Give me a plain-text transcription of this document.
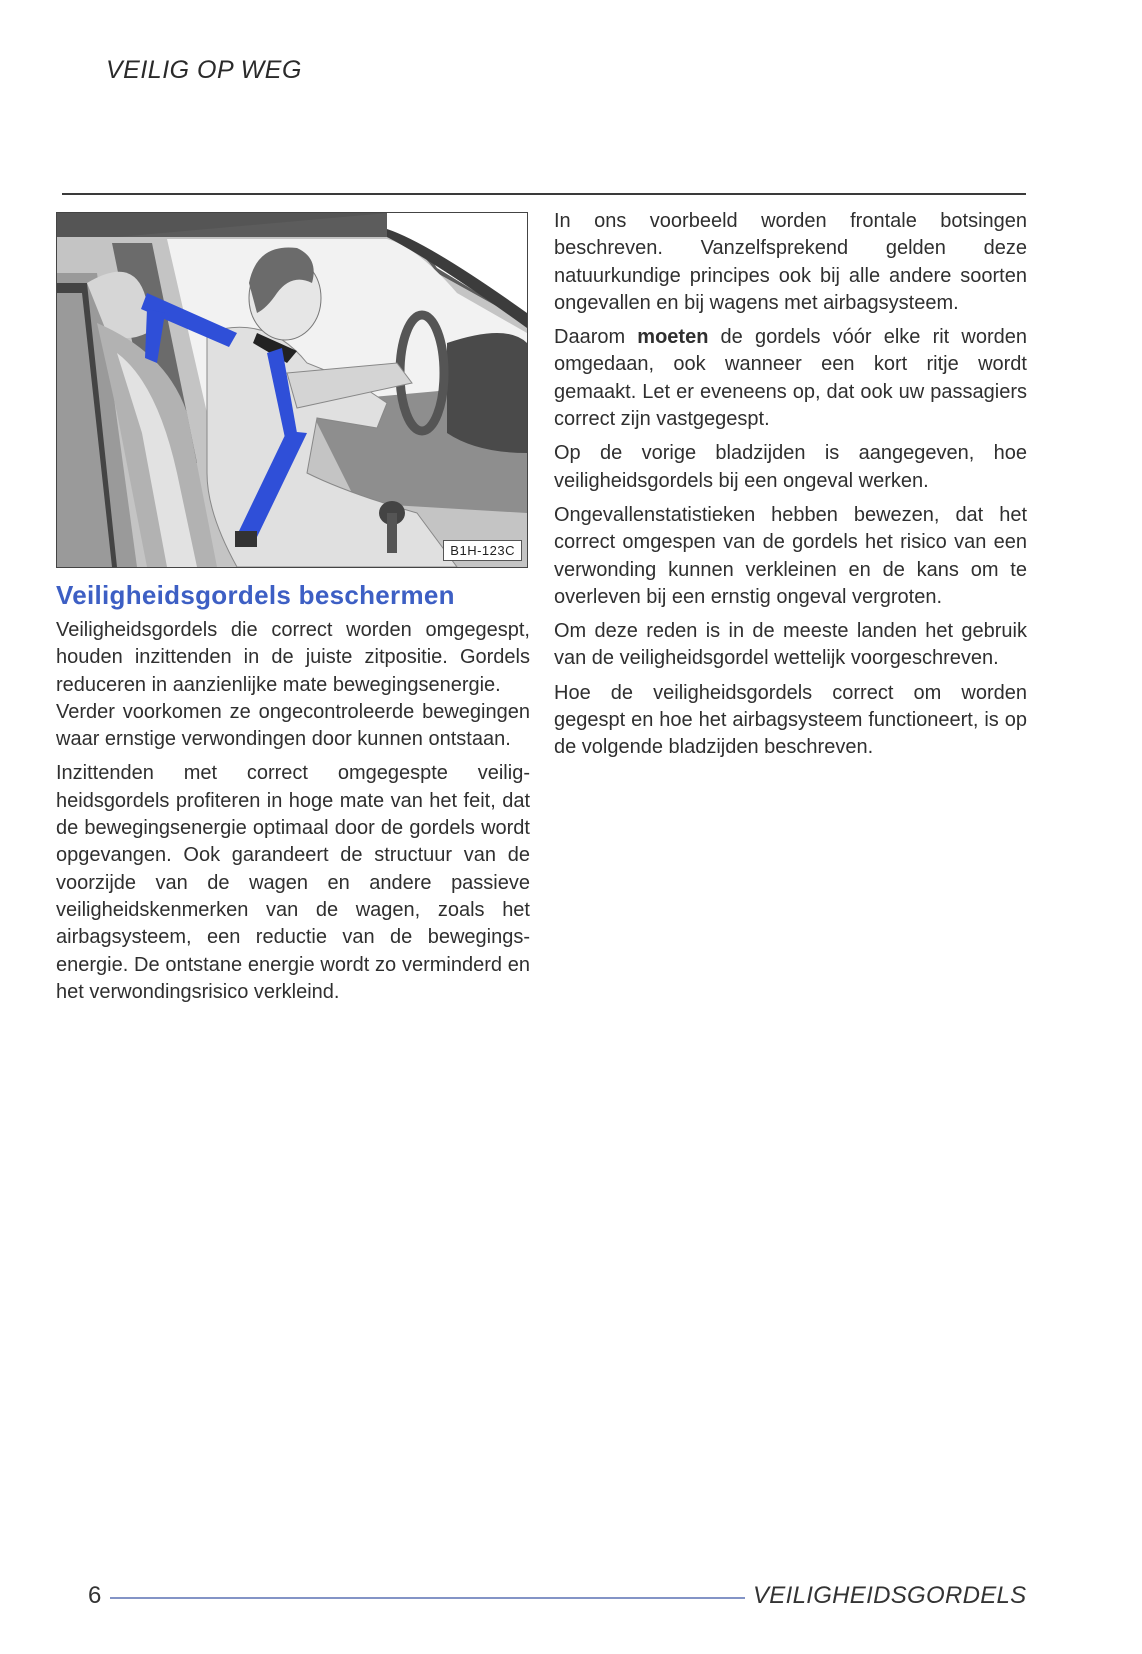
VEILIG OP WEG
B1H-123C
Veiligheidsgordels beschermen

Veiligheidsgordels die correct worden omgegespt, houden inzittenden in de juiste zitpositie. Gordels reduceren in aanzienlijke mate bewegingsenergie.

Verder voorkomen ze ongecontroleerde bewegingen waar ernstige verwondingen door kunnen ontstaan.

Inzittenden met correct omgegespte veiligheidsgordels profiteren in hoge mate van het feit, dat de bewegingsenergie optimaal door de gordels wordt opgevangen. Ook garandeert de structuur van de voorzijde van de wagen en andere passieve veiligheidskenmerken van de wagen, zoals het airbagsysteem, een reductie van de bewegingsenergie. De ontstane energie wordt zo verminderd en het verwondingsrisico verkleind.

In ons voorbeeld worden frontale botsingen beschreven. Vanzelfsprekend gelden deze natuurkundige principes ook bij alle andere soorten ongevallen en bij wagens met airbagsysteem.

Daarom moeten de gordels vóór elke rit worden omgedaan, ook wanneer een kort ritje wordt gemaakt. Let er eveneens op, dat ook uw passagiers correct zijn vastgegespt.

Op de vorige bladzijden is aangegeven, hoe veiligheidsgordels bij een ongeval werken.

Ongevallenstatistieken hebben bewezen, dat het correct omgespen van de gordels het risico van een verwonding kunnen verkleinen en de kans om te overleven bij een ernstig ongeval vergroten.

Om deze reden is in de meeste landen het gebruik van de veiligheidsgordel wettelijk voorgeschreven.

Hoe de veiligheidsgordels correct om worden gegespt en hoe het airbagsysteem functioneert, is op de volgende bladzijden beschreven.

6	VEILIGHEIDSGORDELS
